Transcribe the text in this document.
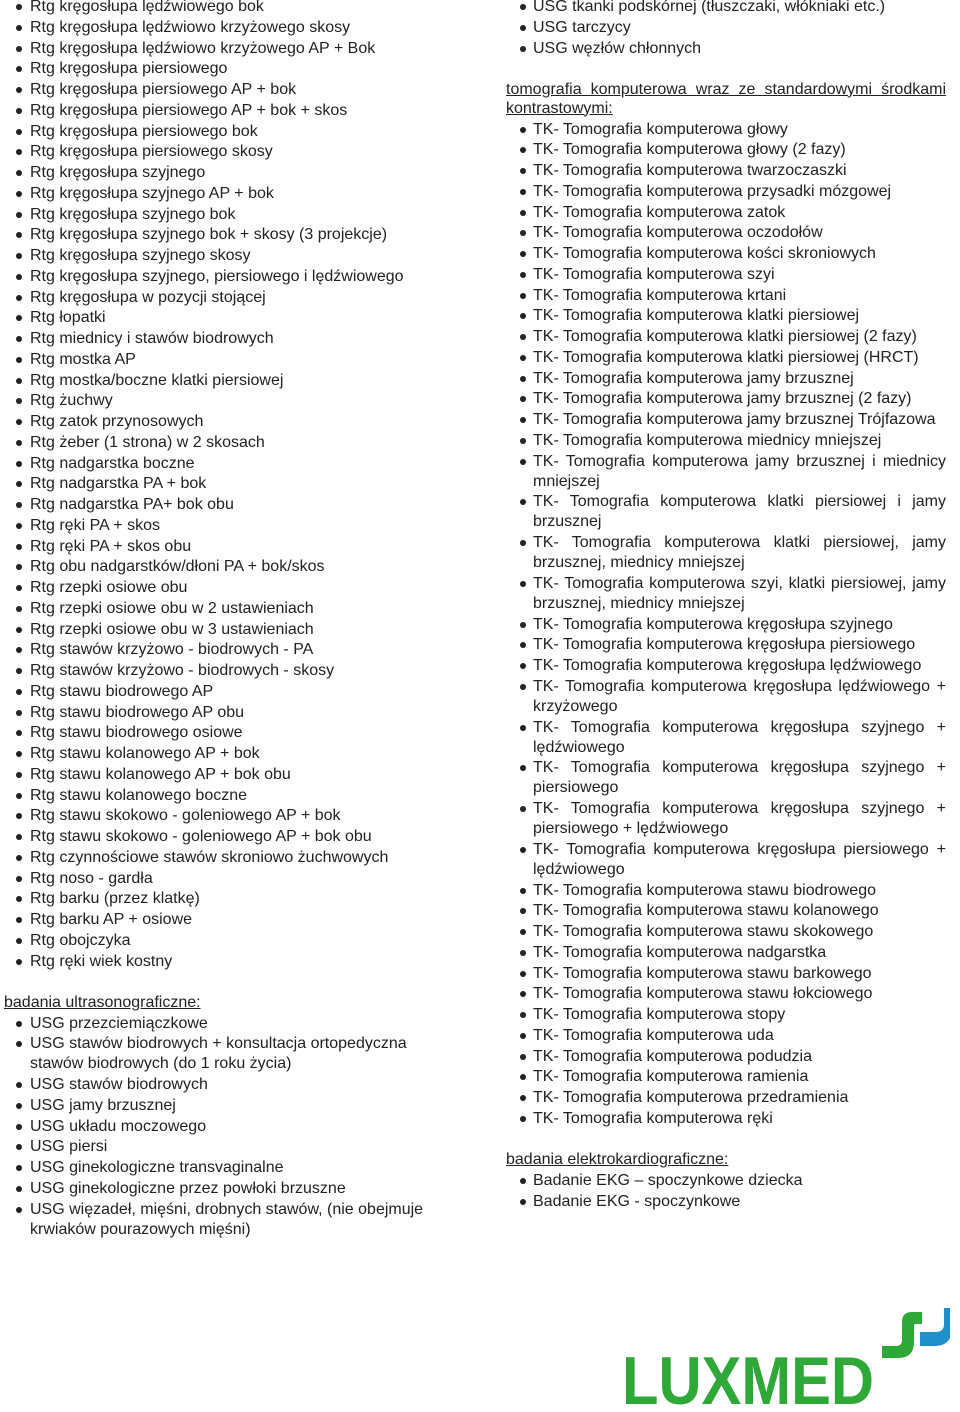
Rtg kręgosłupa lędźwiowego bok
Rtg kręgosłupa lędźwiowo krzyżowego skosy
Rtg kręgosłupa lędźwiowo krzyżowego AP + Bok
Rtg kręgosłupa piersiowego
Rtg kręgosłupa piersiowego AP + bok
Rtg kręgosłupa piersiowego AP + bok + skos
Rtg kręgosłupa piersiowego bok
Rtg kręgosłupa piersiowego skosy
Rtg kręgosłupa szyjnego
Rtg kręgosłupa szyjnego AP + bok
Rtg kręgosłupa szyjnego bok
Rtg kręgosłupa szyjnego bok + skosy (3 projekcje)
Rtg kręgosłupa szyjnego skosy
Rtg kręgosłupa szyjnego, piersiowego i lędźwiowego
Rtg kręgosłupa w pozycji stojącej
Rtg łopatki
Rtg miednicy i stawów biodrowych
Rtg mostka AP
Rtg mostka/boczne klatki piersiowej
Rtg żuchwy
Rtg zatok przynosowych
Rtg żeber (1 strona) w 2 skosach
Rtg nadgarstka boczne
Rtg nadgarstka PA + bok
Rtg nadgarstka PA+ bok obu
Rtg ręki PA + skos
Rtg ręki PA + skos obu
Rtg obu nadgarstków/dłoni PA + bok/skos
Rtg rzepki osiowe obu
Rtg rzepki osiowe obu w 2 ustawieniach
Rtg rzepki osiowe obu w 3 ustawieniach
Rtg stawów krzyżowo - biodrowych - PA
Rtg stawów krzyżowo - biodrowych - skosy
Rtg stawu biodrowego AP
Rtg stawu biodrowego AP obu
Rtg stawu biodrowego osiowe
Rtg stawu kolanowego AP + bok
Rtg stawu kolanowego AP + bok obu
Rtg stawu kolanowego boczne
Rtg stawu skokowo - goleniowego AP + bok
Rtg stawu skokowo - goleniowego AP + bok obu
Rtg czynnościowe stawów skroniowo żuchwowych
Rtg noso - gardła
Rtg barku (przez klatkę)
Rtg barku AP + osiowe
Rtg obojczyka
Rtg ręki wiek kostny
badania ultrasonograficzne:
USG przezciemiączkowe
USG stawów biodrowych + konsultacja ortopedyczna stawów biodrowych (do 1 roku życia)
USG stawów biodrowych
USG jamy brzusznej
USG układu moczowego
USG piersi
USG ginekologiczne transvaginalne
USG ginekologiczne przez powłoki brzuszne
USG więzadeł, mięśni, drobnych stawów, (nie obejmuje krwiaków pourazowych mięśni)
USG tkanki podskórnej (tłuszczaki, włókniaki etc.)
USG tarczycy
USG węzłów chłonnych
tomografia komputerowa wraz ze standardowymi środkami kontrastowymi:
TK- Tomografia komputerowa głowy
TK- Tomografia komputerowa głowy (2 fazy)
TK- Tomografia komputerowa twarzoczaszki
TK- Tomografia komputerowa przysadki mózgowej
TK- Tomografia komputerowa zatok
TK- Tomografia komputerowa oczodołów
TK- Tomografia komputerowa kości skroniowych
TK- Tomografia komputerowa szyi
TK- Tomografia komputerowa krtani
TK- Tomografia komputerowa klatki piersiowej
TK- Tomografia komputerowa klatki piersiowej (2 fazy)
TK- Tomografia komputerowa klatki piersiowej (HRCT)
TK- Tomografia komputerowa jamy brzusznej
TK- Tomografia komputerowa jamy brzusznej (2 fazy)
TK- Tomografia komputerowa jamy brzusznej Trójfazowa
TK- Tomografia komputerowa miednicy mniejszej
TK- Tomografia komputerowa jamy brzusznej i miednicy mniejszej
TK- Tomografia komputerowa klatki piersiowej i jamy brzusznej
TK- Tomografia komputerowa klatki piersiowej, jamy brzusznej, miednicy mniejszej
TK- Tomografia komputerowa szyi, klatki piersiowej, jamy brzusznej, miednicy mniejszej
TK- Tomografia komputerowa kręgosłupa szyjnego
TK- Tomografia komputerowa kręgosłupa piersiowego
TK- Tomografia komputerowa kręgosłupa lędźwiowego
TK- Tomografia komputerowa kręgosłupa lędźwiowego + krzyżowego
TK- Tomografia komputerowa kręgosłupa szyjnego + lędźwiowego
TK- Tomografia komputerowa kręgosłupa szyjnego + piersiowego
TK- Tomografia komputerowa kręgosłupa szyjnego + piersiowego + lędźwiowego
TK- Tomografia komputerowa kręgosłupa piersiowego + lędźwiowego
TK- Tomografia komputerowa stawu biodrowego
TK- Tomografia komputerowa stawu kolanowego
TK- Tomografia komputerowa stawu skokowego
TK- Tomografia komputerowa nadgarstka
TK- Tomografia komputerowa stawu barkowego
TK- Tomografia komputerowa stawu łokciowego
TK- Tomografia komputerowa stopy
TK- Tomografia komputerowa uda
TK- Tomografia komputerowa podudzia
TK- Tomografia komputerowa ramienia
TK- Tomografia komputerowa przedramienia
TK- Tomografia komputerowa ręki
badania elektrokardiograficzne:
Badanie EKG – spoczynkowe dziecka
Badanie EKG - spoczynkowe
LUXMED
